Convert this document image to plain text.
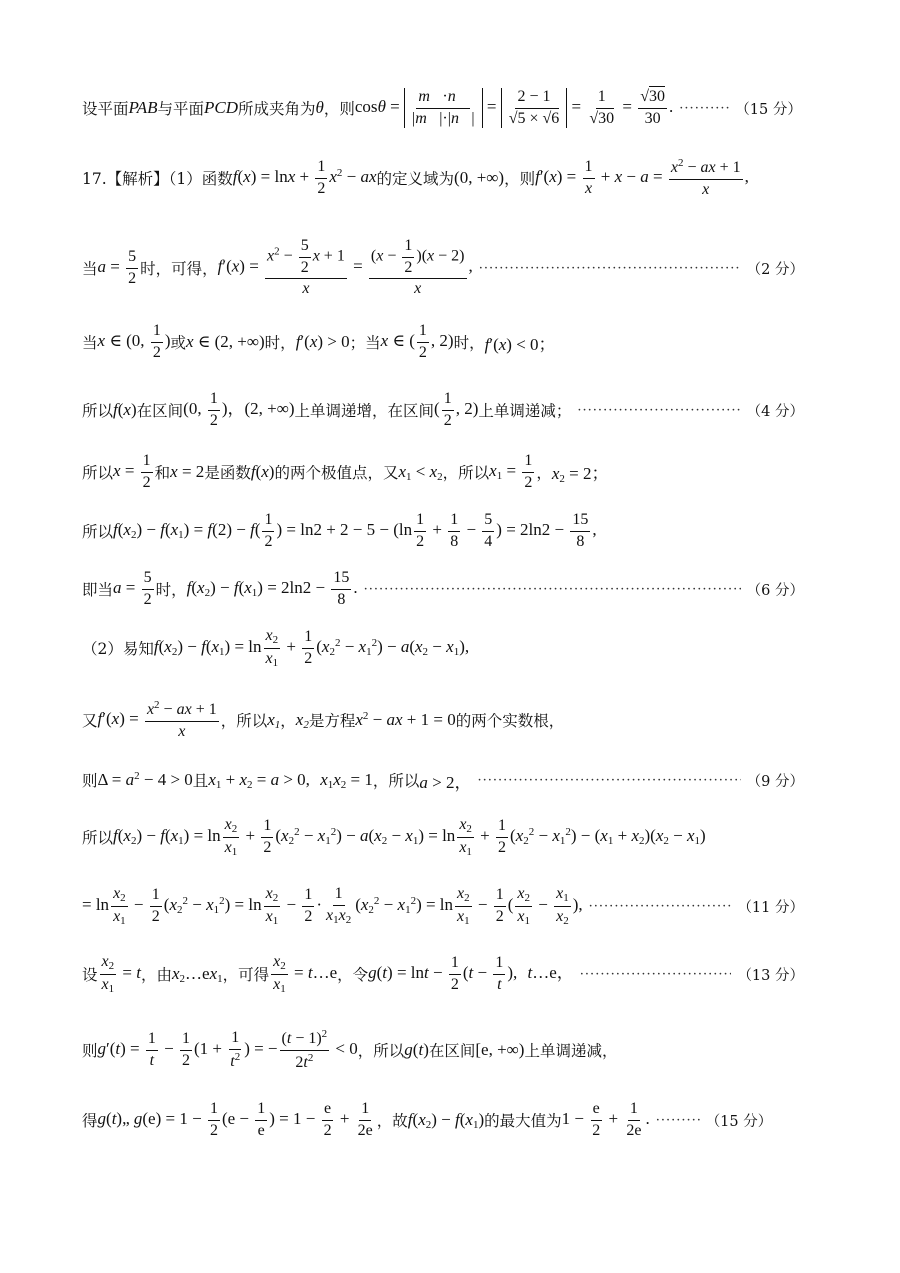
设平面 PAB 与平面 PCD 所成夹角为 θ ，则 $\cos\theta = \frac{m⃗\cdot n⃗}{|m⃗|\cdot|n⃗|} = \frac{2 - 1}{√5 \times √6} = \frac{1}{√30} = \frac{√30}{30}$ . ·····	（15 分）
17.【解析】（1）函数 $f(x) = \ln x + \frac{1}{2} x^2$ − ax 的定义域为 (0, +∞) ，则 $f'(x) = \frac{1}{x} + x - a = \frac{x^2 - ax + 1}{x}$ ,
当 $a = \frac{5}{2}$ 时，可得， $f'(x) = \frac{x^2 - \frac{5}{2} x + 1}{x} = \frac{(x - \frac{1}{2} )(x - 2)}{x}$ , ·····	（2 分）
当 x ∈ (0, $\frac{1}{2}$ ) 或 x ∈ (2, +∞) 时， f′(x) > 0 ；当 x ∈ ( $\frac{1}{2}$ , 2) 时， f′(x) < 0；
所以 f(x) 在区间 (0, $\frac{1}{2}$ )，(2, +∞) 上单调递增，在区间 ( $\frac{1}{2}$ , 2) 上单调递减； ·····	（4 分）
所以 $x = \frac{1}{2}$ 和 x = 2 是函数 f(x) 的两个极值点，又 $x_1 < x_2$ ，所以 $x_1 = \frac{1}{2}$ ， $x_2 = 2$；
所以 $f(x_2) - f(x_1) = f(2) - f( \frac{1}{2}$ ) = $\ln 2 + 2 - 5 - (\ln \frac{1}{2} + \frac{1}{8} - \frac{5}{4}$ ) = $2\ln 2 - \frac{15}{8}$ ,
即当 $a = \frac{5}{2}$ 时， $f(x_2) - f(x_1) = 2\ln 2 - \frac{15}{8}$ . ·····	（6 分）
（2）易知 $f(x_2) - f(x_1) = \ln \frac{x_2}{x_1} + \frac{1}{2} (x_2^2 - x_1^2) - a(x_2 - x_1)$,
又 $f'(x) = \frac{x^2 - ax + 1}{x}$ ，所以 $x_1$ ， $x_2$ 是方程 $x^2$ − ax + 1 = 0 的两个实数根，
则 $\Delta = a^2 - 4 > 0$ 且 $x_1 + x_2 = a > 0$, $x_1x_2 = 1$ ，所以 a > 2， ·····	（9 分）
所以 $f(x_2) - f(x_1) = \ln \frac{x_2}{x_1} + \frac{1}{2} (x_2^2 - x_1^2) - a(x_2 - x_1) = \ln \frac{x_2}{x_1} + \frac{1}{2} (x_2^2 - x_1^2) - (x_1 + x_2)(x_2 - x_1)$
= $\ln \frac{x_2}{x_1} - \frac{1}{2} (x_2^2 - x_1^2) = \ln \frac{x_2}{x_1} - \frac{1}{2} \cdot \frac{1}{x_1x_2} (x_2^2 - x_1^2) = \ln \frac{x_2}{x_1} - \frac{1}{2}$ ( $\frac{x_2}{x_1} - \frac{x_1}{x_2}$ ), ·····	（11 分）
设 $\frac{x_2}{x_1} = t$ ，由 $x_2\dots ex_1$ ，可得 $\frac{x_2}{x_1}$ = t…e ，令 $g(t) = \ln t - \frac{1}{2} (t - \frac{1}{t}$ ), t…e， ·····	（13 分）
则 $g'(t) = \frac{1}{t} - \frac{1}{2} (1 + \frac{1}{t^2}$ ) = − $\frac{(t - 1)^2}{2t^2} < 0$ ，所以 g(t) 在区间 [e, +∞) 上单调递减，
得 g(t)„ $g(e) = 1 - \frac{1}{2} (e - \frac{1}{e}$ ) = $1 - \frac{e}{2} + \frac{1}{2e}$ ，故 $f(x_2) - f(x_1)$ 的最大值为 $1 - \frac{e}{2} + \frac{1}{2e}$ . ·····	（15 分）
